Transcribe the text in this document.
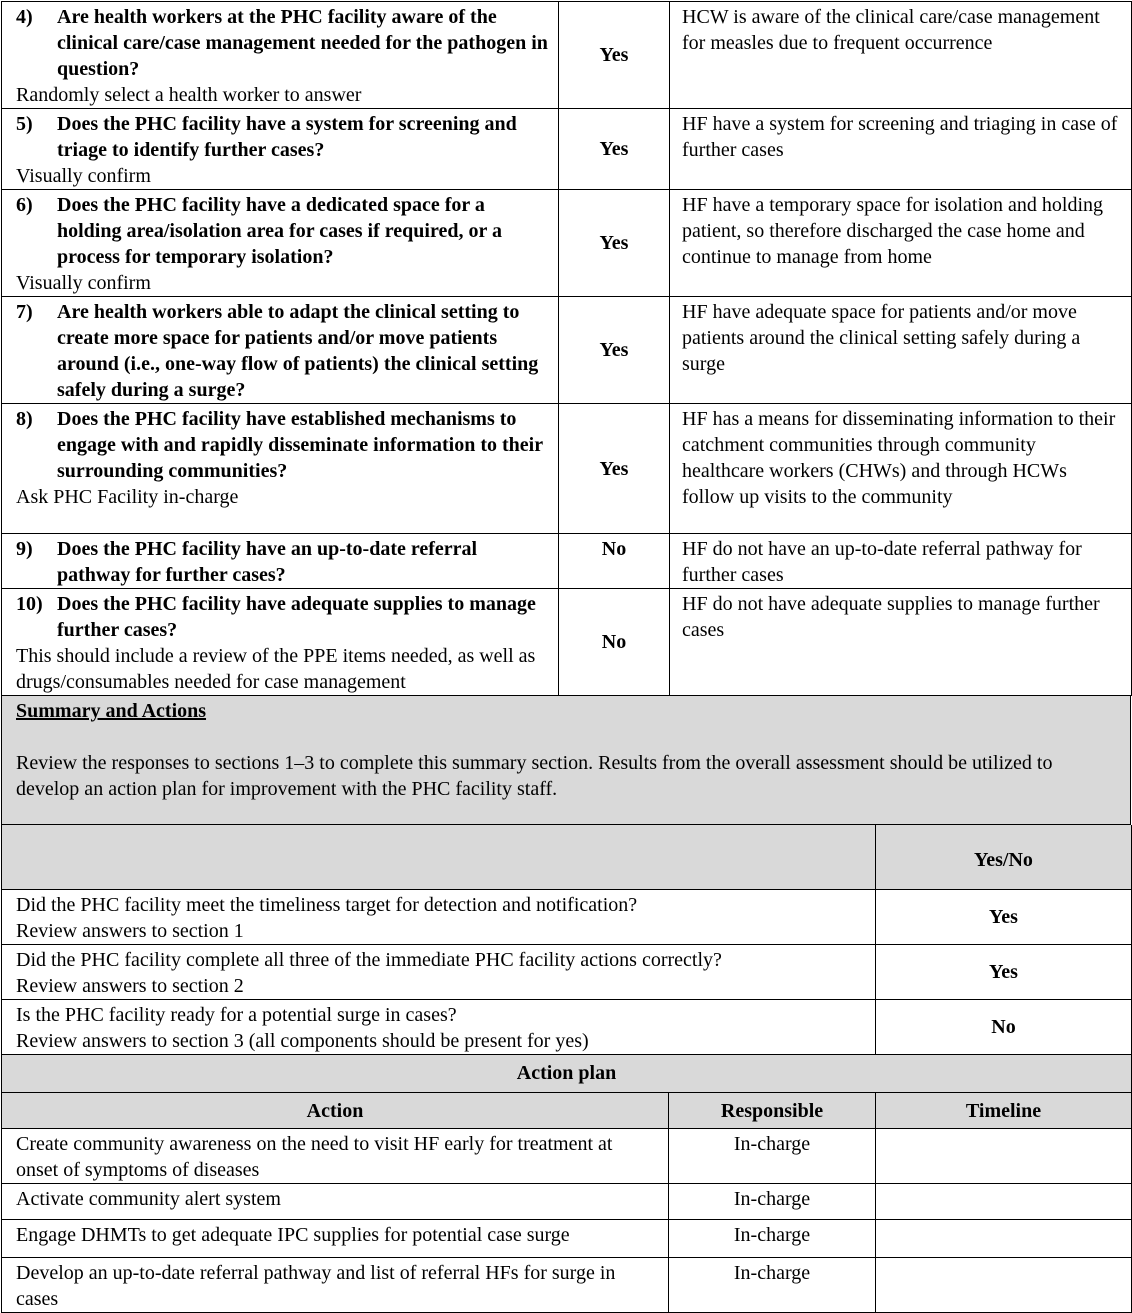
4) Are health workers at the PHC facility aware of the clinical care/case management needed for the pathogen in question?
Randomly select a health worker to answer	Yes	HCW is aware of the clinical care/case management for measles due to frequent occurrence

5) Does the PHC facility have a system for screening and triage to identify further cases?
Visually confirm	Yes	HF have a system for screening and triaging in case of further cases

6) Does the PHC facility have a dedicated space for a holding area/isolation area for cases if required, or a process for temporary isolation?
Visually confirm	Yes	HF have a temporary space for isolation and holding patient, so therefore discharged the case home and continue to manage from home

7) Are health workers able to adapt the clinical setting to create more space for patients and/or move patients around (i.e., one-way flow of patients) the clinical setting safely during a surge?	Yes	HF have adequate space for patients and/or move patients around the clinical setting safely during a surge

8) Does the PHC facility have established mechanisms to engage with and rapidly disseminate information to their surrounding communities?
Ask PHC Facility in-charge	Yes	HF has a means for disseminating information to their catchment communities through community healthcare workers (CHWs) and through HCWs follow up visits to the community

9) Does the PHC facility have an up-to-date referral pathway for further cases?	No	HF do not have an up-to-date referral pathway for further cases

10) Does the PHC facility have adequate supplies to manage further cases?
This should include a review of the PPE items needed, as well as drugs/consumables needed for case management	No	HF do not have adequate supplies to manage further cases
Summary and Actions
Review the responses to sections 1–3 to complete this summary section. Results from the overall assessment should be utilized to develop an action plan for improvement with the PHC facility staff.
	Yes/No

Did the PHC facility meet the timeliness target for detection and notification?
Review answers to section 1	Yes

Did the PHC facility complete all three of the immediate PHC facility actions correctly?
Review answers to section 2	Yes

Is the PHC facility ready for a potential surge in cases?
Review answers to section 3 (all components should be present for yes)	No
Action plan		
Action	Responsible	Timeline
Create community awareness on the need to visit HF early for treatment at onset of symptoms of diseases	In-charge	
Activate community alert system	In-charge	
Engage DHMTs to get adequate IPC supplies for potential case surge	In-charge	
Develop an up-to-date referral pathway and list of referral HFs for surge in cases	In-charge	
